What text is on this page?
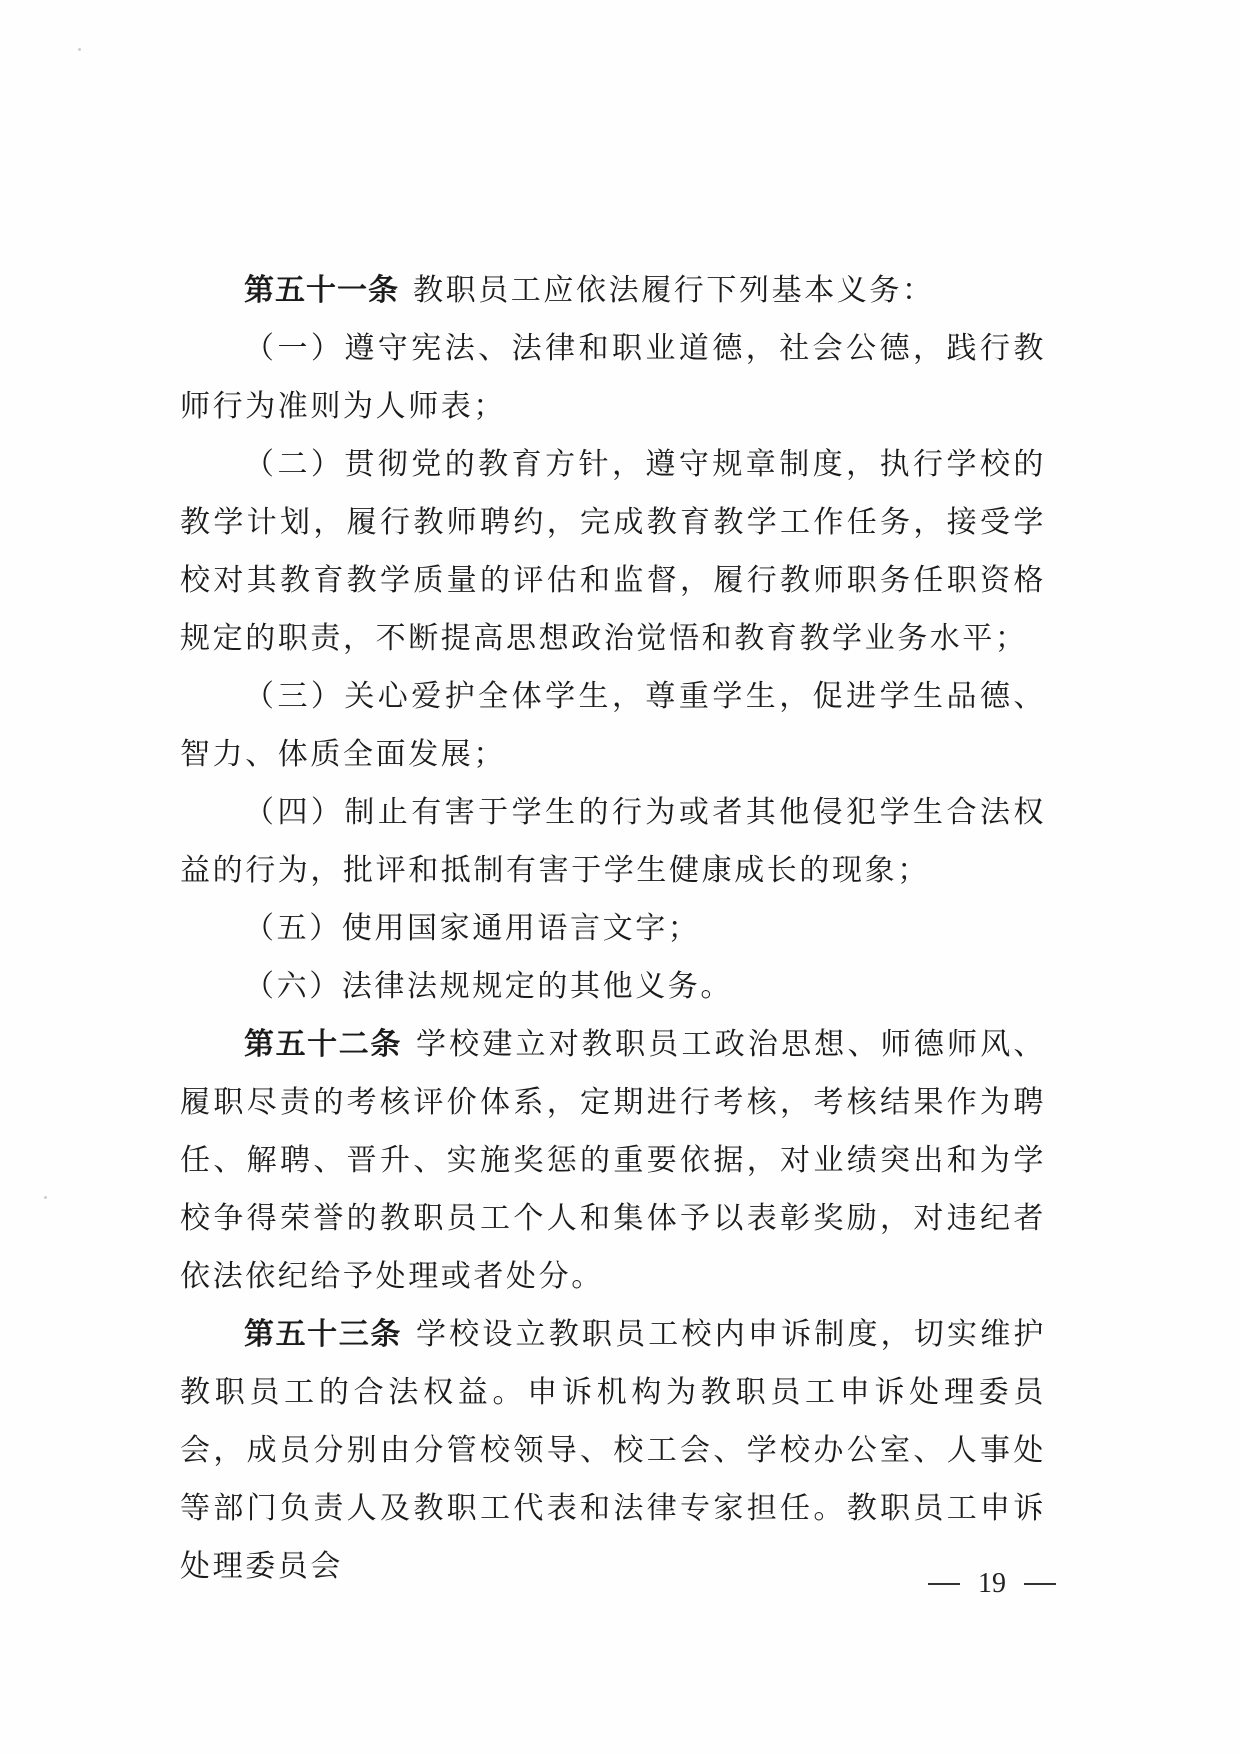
第五十一条 教职员工应依法履行下列基本义务：

（一）遵守宪法、法律和职业道德，社会公德，践行教师行为准则为人师表；

（二）贯彻党的教育方针，遵守规章制度，执行学校的教学计划，履行教师聘约，完成教育教学工作任务，接受学校对其教育教学质量的评估和监督，履行教师职务任职资格规定的职责，不断提高思想政治觉悟和教育教学业务水平；

（三）关心爱护全体学生，尊重学生，促进学生品德、智力、体质全面发展；

（四）制止有害于学生的行为或者其他侵犯学生合法权益的行为，批评和抵制有害于学生健康成长的现象；

（五）使用国家通用语言文字；

（六）法律法规规定的其他义务。

第五十二条 学校建立对教职员工政治思想、师德师风、履职尽责的考核评价体系，定期进行考核，考核结果作为聘任、解聘、晋升、实施奖惩的重要依据，对业绩突出和为学校争得荣誉的教职员工个人和集体予以表彰奖励，对违纪者依法依纪给予处理或者处分。

第五十三条 学校设立教职员工校内申诉制度，切实维护教职员工的合法权益。申诉机构为教职员工申诉处理委员会，成员分别由分管校领导、校工会、学校办公室、人事处等部门负责人及教职工代表和法律专家担任。教职员工申诉处理委员会	19
